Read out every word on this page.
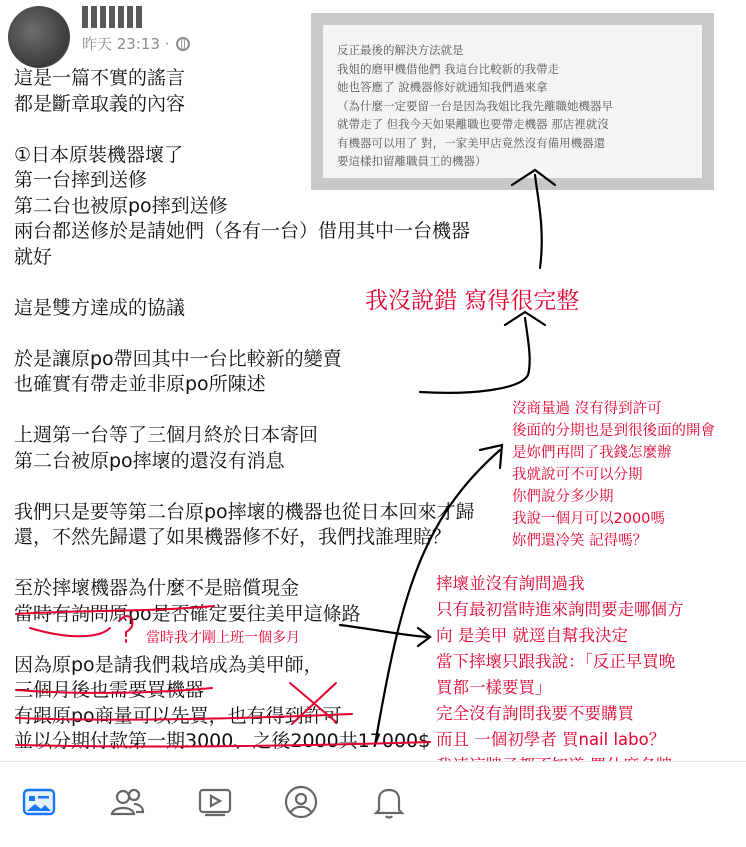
昨天 23:13 ·
這是一篇不實的謠言
都是斷章取義的內容

①日本原裝機器壞了
第一台摔到送修
第二台也被原po摔到送修
兩台都送修於是請她們（各有一台）借用其中一台機器
就好

這是雙方達成的協議

於是讓原po帶回其中一台比較新的變賣
也確實有帶走並非原po所陳述

上週第一台等了三個月終於日本寄回
第二台被原po摔壞的還沒有消息

我們只是要等第二台原po摔壞的機器也從日本回來才歸
還，不然先歸還了如果機器修不好，我們找誰理賠？

至於摔壞機器為什麼不是賠償現金
當時有詢問原po是否確定要往美甲這條路

因為原po是請我們栽培成為美甲師，
三個月後也需要買機器
有跟原po商量可以先買，也有得到許可
並以分期付款第一期3000、之後2000共17000$
反正最後的解決方法就是
我姐的磨甲機借他們 我這台比較新的我帶走
她也答應了 說機器修好就通知我們過來拿
（為什麼一定要留一台是因為我姐比我先離職她機器早
就帶走了 但我今天如果離職也要帶走機器 那店裡就沒
有機器可以用了 對，一家美甲店竟然沒有備用機器還
要這樣扣留離職員工的機器）
我沒說錯 寫得很完整
沒商量過 沒有得到許可
後面的分期也是到很後面的開會
是妳們再問了我錢怎麼辦
我就說可不可以分期
你們說分多少期
我說一個月可以2000嗎
妳們還冷笑 記得嗎？
摔壞並沒有詢問過我
只有最初當時進來詢問要走哪個方
向 是美甲 就逕自幫我決定
當下摔壞只跟我說：「反正早買晚
買都一樣要買」
完全沒有詢問我要不要購買
而且 一個初學者 買nail labo？

當時我才剛上班一個多月
